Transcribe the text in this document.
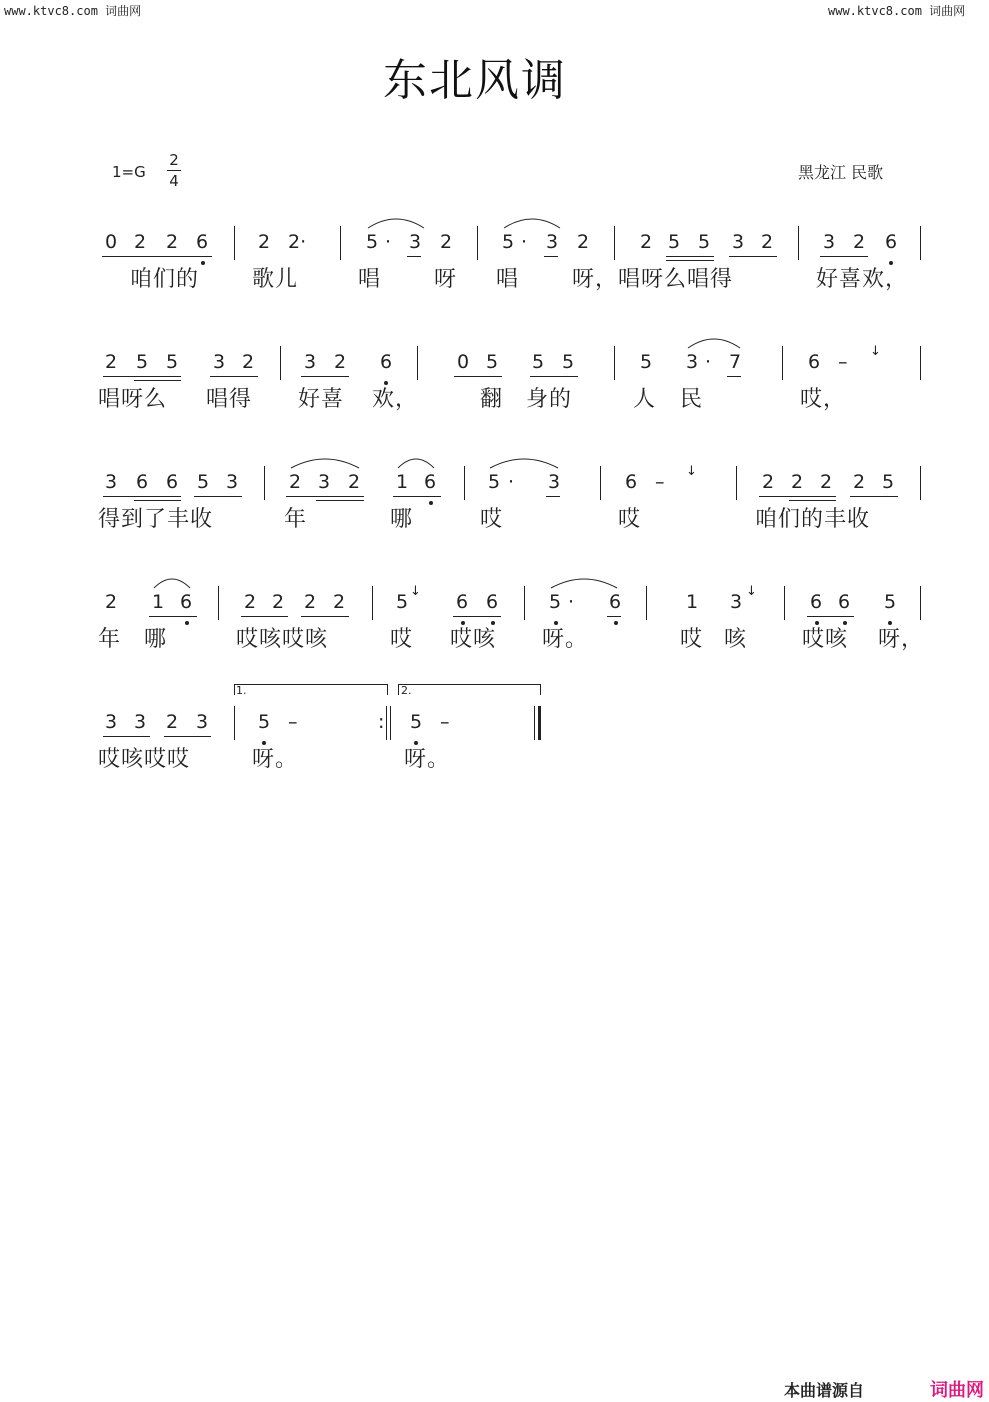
www.ktvc8.com 词曲网	www.ktvc8.com 词曲网
东北风调
1=G
2
4	黑龙江 民歌
0 2 2 6	2 2·	5 · 3 2	5 · 3 2	2 5 5 3 2	3 2 6
咱们的 歌儿	唱 呀 唱 呀，唱呀么唱得	好喜欢，
2 5 5 3 2	3 2 6	0 5 5 5	5 3 · 7	6 – ↓
唱呀么 唱得 好喜 欢，	翻 身的	人 民	哎，
3 6 6 5 3	2 3 2 1 6	5 · 3	6 – ↓	2 2 2 2 5
得到了丰收	年	哪	哎	哎	咱们的丰收
2 1 6	2 2 2 2	5 ↓ 6 6	5 · 6	1 3 ↓	6 6 5
年 哪	哎咳哎咳	哎 哎咳 呀。	哎 咳 哎咳 呀，
1.	2.
3 3 2 3	5 –	: 5 –
哎咳哎哎	呀。	呀。
本曲谱源自	词曲网
